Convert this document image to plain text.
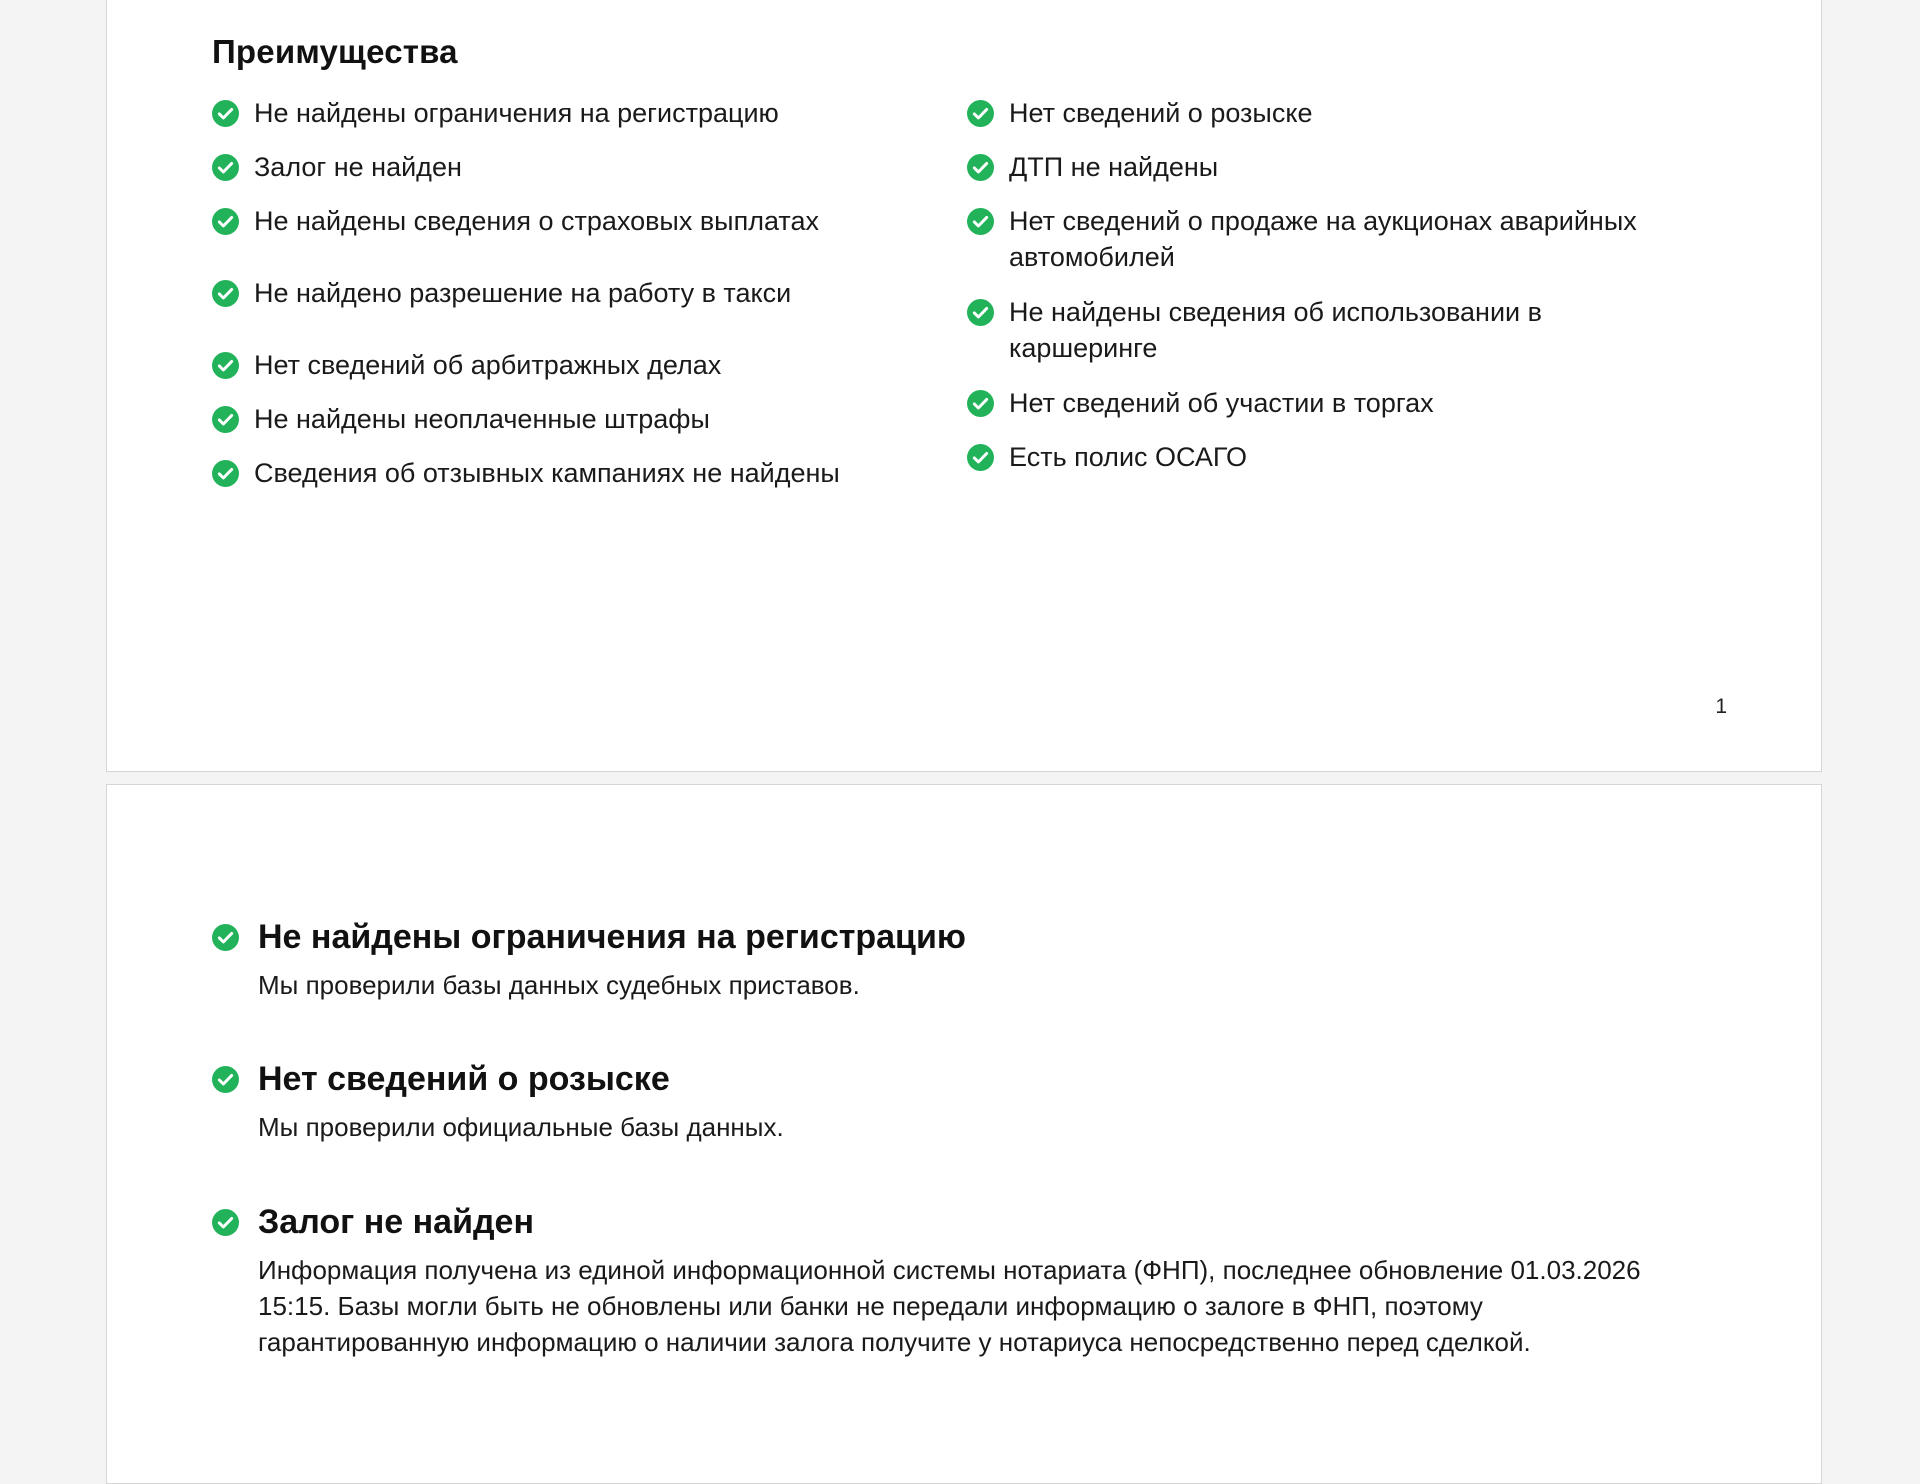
Преимущества
Не найдены ограничения на регистрацию
Залог не найден
Не найдены сведения о страховых выплатах
Не найдено разрешение на работу в такси
Нет сведений об арбитражных делах
Не найдены неоплаченные штрафы
Сведения об отзывных кампаниях не найдены
Нет сведений о розыске
ДТП не найдены
Нет сведений о продаже на аукционах аварийных автомобилей
Не найдены сведения об использовании в каршеринге
Нет сведений об участии в торгах
Есть полис ОСАГО
1
Не найдены ограничения на регистрацию

Мы проверили базы данных судебных приставов.

Нет сведений о розыске

Мы проверили официальные базы данных.

Залог не найден

Информация получена из единой информационной системы нотариата (ФНП), последнее обновление 01.03.2026 15:15. Базы могли быть не обновлены или банки не передали информацию о залоге в ФНП, поэтому гарантированную информацию о наличии залога получите у нотариуса непосредственно перед сделкой.
